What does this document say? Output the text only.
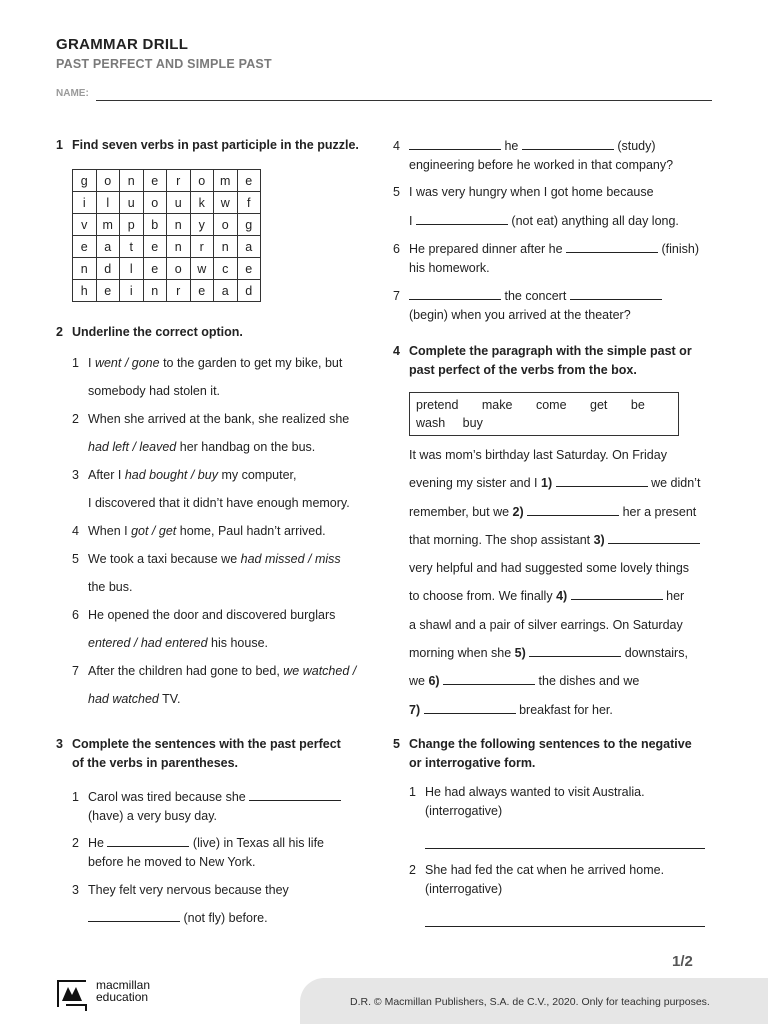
GRAMMAR DRILL
PAST PERFECT AND SIMPLE PAST
NAME:
1 Find seven verbs in past participle in the puzzle.
g	o	n	e	r	o	m	e
i	l	u	o	u	k	w	f
v	m	p	b	n	y	o	g
e	a	t	e	n	r	n	a
n	d	l	e	o	w	c	e
h	e	i	n	r	e	a	d
2 Underline the correct option.
1 I went / gone to the garden to get my bike, but
somebody had stolen it.
2 When she arrived at the bank, she realized she
had left / leaved her handbag on the bus.
3 After I had bought / buy my computer,
I discovered that it didn’t have enough memory.
4 When I got / get home, Paul hadn’t arrived.
5 We took a taxi because we had missed / miss
the bus.
6 He opened the door and discovered burglars
entered / had entered his house.
7 After the children had gone to bed, we watched /
had watched TV.
3 Complete the sentences with the past perfect
of the verbs in parentheses.
1 Carol was tired because she
(have) a very busy day.
2 He	(live) in Texas all his life
before he moved to New York.
3 They felt very nervous because they
(not fly) before.
4	he	(study)
engineering before he worked in that company?
5 I was very hungry when I got home because
I	(not eat) anything all day long.
6 He prepared dinner after he	(finish)
his homework.
7	the concert
(begin) when you arrived at the theater?
4 Complete the paragraph with the simple past or
past perfect of the verbs from the box.
pretend make come get be
wash buy
It was mom’s birthday last Saturday. On Friday
evening my sister and I 1)	we didn’t
remember, but we 2)	her a present
that morning. The shop assistant 3)
very helpful and had suggested some lovely things
to choose from. We finally 4)	her
a shawl and a pair of silver earrings. On Saturday
morning when she 5)	downstairs,
we 6)	the dishes and we
7)	breakfast for her.
5 Change the following sentences to the negative
or interrogative form.
1 He had always wanted to visit Australia.
(interrogative)
2 She had fed the cat when he arrived home.
(interrogative)
1/2
D.R. © Macmillan Publishers, S.A. de C.V., 2020. Only for teaching purposes.
macmillan
education
